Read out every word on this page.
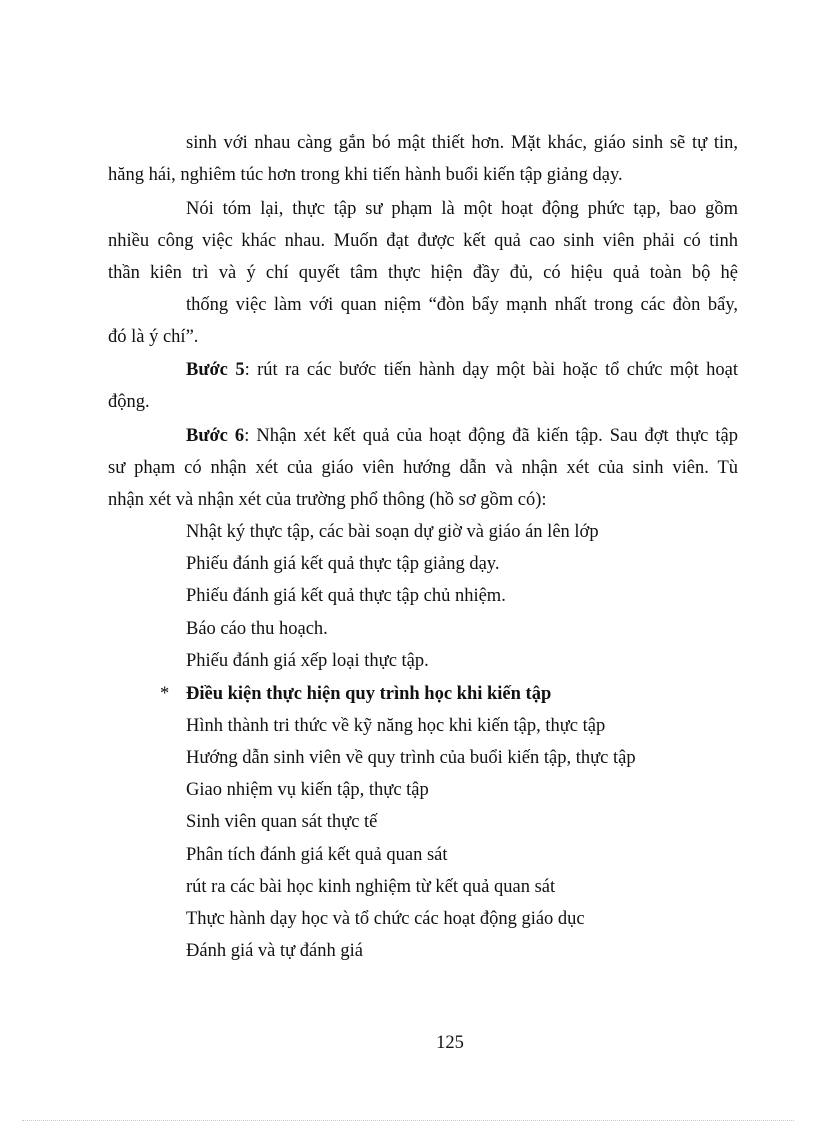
sinh với nhau càng gắn bó mật thiết hơn. Mặt khác, giáo sinh sẽ tự tin,
hăng hái, nghiêm túc hơn trong khi tiến hành buổi kiến tập giảng dạy.
Nói tóm lại, thực tập sư phạm là một hoạt động phức tạp, bao gồm
nhiều công việc khác nhau. Muốn đạt được kết quả cao sinh viên phải có tinh
thần kiên trì và ý chí quyết tâm thực hiện đầy đủ, có hiệu quả toàn bộ hệ
thống việc làm với quan niệm “đòn bẩy mạnh nhất trong các đòn bẩy,
đó là ý chí”.
Bước 5: rút ra các bước tiến hành dạy một bài hoặc tổ chức một hoạt
động.
Bước 6: Nhận xét kết quả của hoạt động đã kiến tập. Sau đợt thực tập
sư phạm có nhận xét của giáo viên hướng dẫn và nhận xét của sinh viên. Tù
nhận xét và nhận xét của trường phổ thông (hồ sơ gồm có):
Nhật ký thực tập, các bài soạn dự giờ và giáo án lên lớp
Phiếu đánh giá kết quả thực tập giảng dạy.
Phiếu đánh giá kết quả thực tập chủ nhiệm.
Báo cáo thu hoạch.
Phiếu đánh giá xếp loại thực tập.
* Điều kiện thực hiện quy trình học khi kiến tập
Hình thành tri thức về kỹ năng học khi kiến tập, thực tập
Hướng dẫn sinh viên về quy trình của buổi kiến tập, thực tập
Giao nhiệm vụ kiến tập, thực tập
Sinh viên quan sát thực tế
Phân tích đánh giá kết quả quan sát
rút ra các bài học kinh nghiệm từ kết quả quan sát
Thực hành dạy học và tổ chức các hoạt động giáo dục
Đánh giá và tự đánh giá
125
